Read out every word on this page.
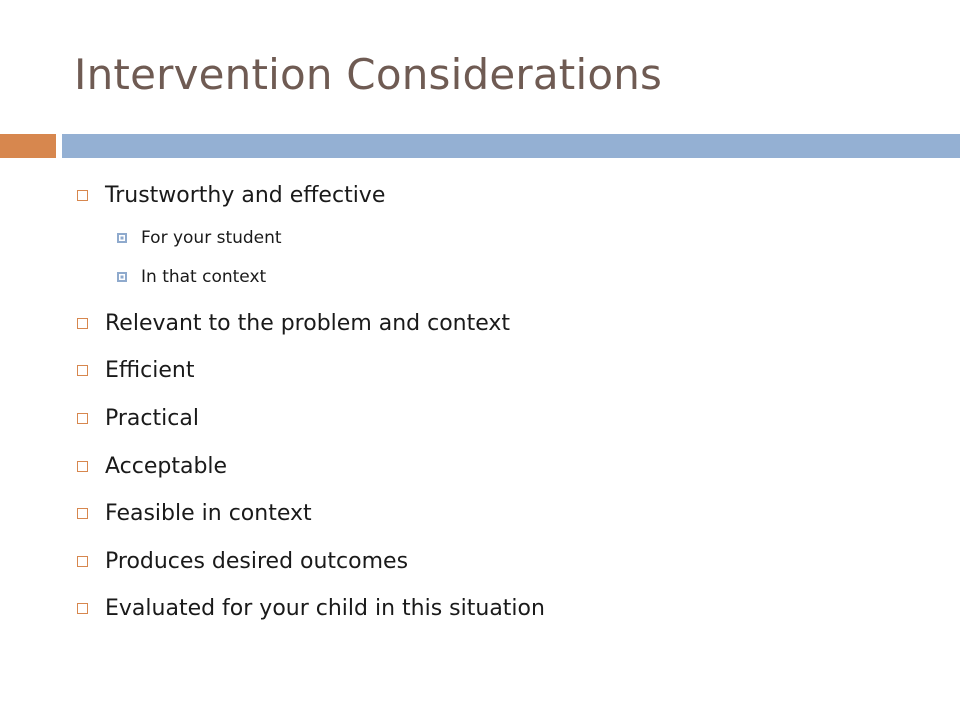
Intervention Considerations
Trustworthy and effective
For your student
In that context
Relevant to the problem and context
Efficient
Practical
Acceptable
Feasible in context
Produces desired outcomes
Evaluated for your child in this situation
